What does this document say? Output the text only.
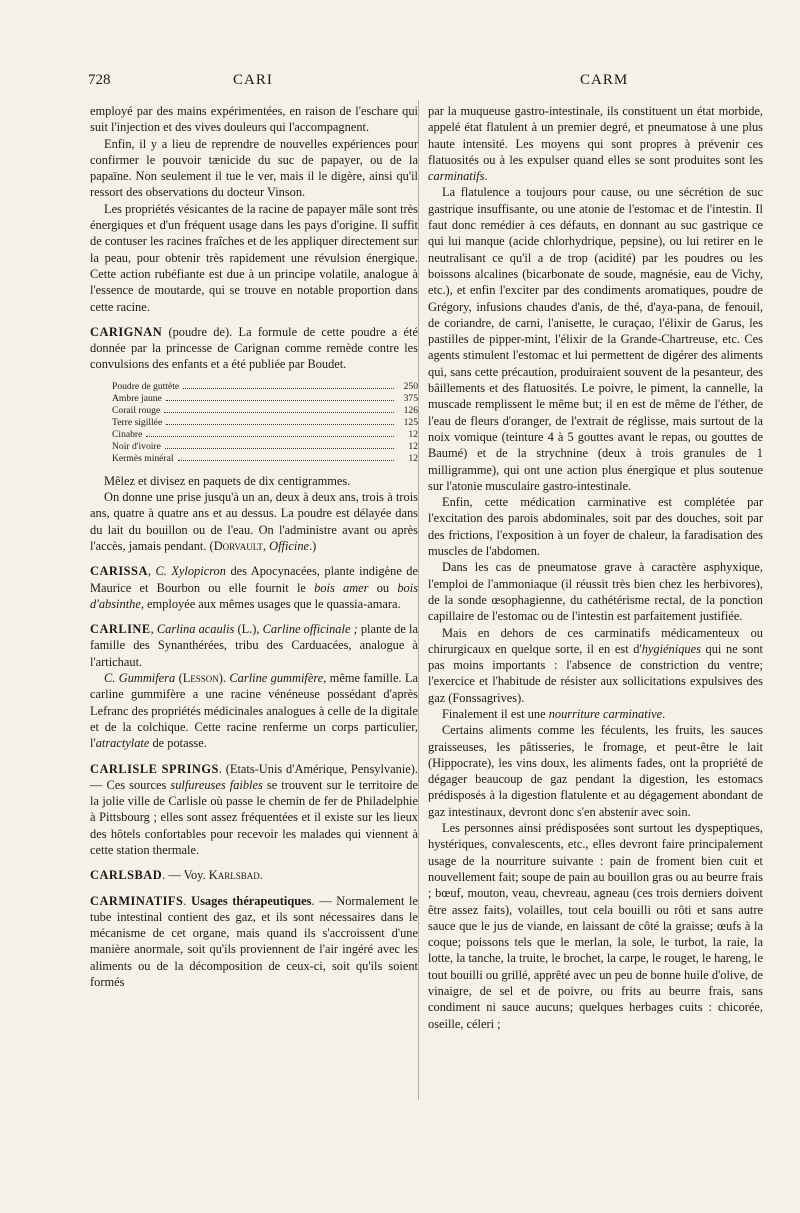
728	CARI	CARM

employé par des mains expérimentées, en raison de l'eschare qui suit l'injection et des vives douleurs qui l'accompagnent.

Enfin, il y a lieu de reprendre de nouvelles expériences pour confirmer le pouvoir tænicide du suc de papayer, ou de la papaïne. Non seulement il tue le ver, mais il le digère, ainsi qu'il ressort des observations du docteur Vinson.

Les propriétés vésicantes de la racine de papayer mâle sont très énergiques et d'un fréquent usage dans les pays d'origine. Il suffit de contuser les racines fraîches et de les appliquer directement sur la peau, pour obtenir très rapidement une révulsion énergique. Cette action rubéfiante est due à un principe volatile, analogue à l'essence de moutarde, qui se trouve en notable proportion dans cette racine.

CARIGNAN (poudre de). La formule de cette poudre a été donnée par la princesse de Carignan comme remède contre les convulsions des enfants et a été publiée par Boudet.

Poudre de guttète	250
Ambre jaune	375
Corail rouge	126
Terre sigillée	125
Cinabre	12
Noir d'ivoire	12
Kermès minéral	12

Mêlez et divisez en paquets de dix centigrammes.

On donne une prise jusqu'à un an, deux à deux ans, trois à trois ans, quatre à quatre ans et au dessus. La poudre est délayée dans du lait du bouillon ou de l'eau. On l'administre avant ou après l'accès, jamais pendant. (Dorvault, Officine.)

CARISSA, C. Xylopicron des Apocynacées, plante indigène de Maurice et Bourbon ou elle fournit le bois amer ou bois d'absinthe, employée aux mêmes usages que le quassia-amara.

CARLINE, Carlina acaulis (L.), Carline officinale ; plante de la famille des Synanthérées, tribu des Carduacées, analogue à l'artichaut.

C. Gummifera (Lesson). Carline gummifère, même famille. La carline gummifère a une racine vénéneuse possédant d'après Lefranc des propriétés médicinales analogues à celle de la digitale et de la colchique. Cette racine renferme un corps particulier, l'atractylate de potasse.

CARLISLE SPRINGS. (Etats-Unis d'Amérique, Pensylvanie). — Ces sources sulfureuses faibles se trouvent sur le territoire de la jolie ville de Carlisle où passe le chemin de fer de Philadelphie à Pittsbourg ; elles sont assez fréquentées et il existe sur les lieux des hôtels confortables pour recevoir les malades qui viennent à cette station thermale.

CARLSBAD. — Voy. Karlsbad.

CARMINATIFS. Usages thérapeutiques. — Normalement le tube intestinal contient des gaz, et ils sont nécessaires dans le mécanisme de cet organe, mais quand ils s'accroissent d'une manière anormale, soit qu'ils proviennent de l'air ingéré avec les aliments ou de la décomposition de ceux-ci, soit qu'ils soient formés

par la muqueuse gastro-intestinale, ils constituent un état morbide, appelé état flatulent à un premier degré, et pneumatose à une plus haute intensité. Les moyens qui sont propres à prévenir ces flatuosités ou à les expulser quand elles se sont produites sont les carminatifs.

La flatulence a toujours pour cause, ou une sécrétion de suc gastrique insuffisante, ou une atonie de l'estomac et de l'intestin. Il faut donc remédier à ces défauts, en donnant au suc gastrique ce qui lui manque (acide chlorhydrique, pepsine), ou lui retirer en le neutralisant ce qu'il a de trop (acidité) par les poudres ou les boissons alcalines (bicarbonate de soude, magnésie, eau de Vichy, etc.), et enfin l'exciter par des condiments aromatiques, poudre de Grégory, infusions chaudes d'anis, de thé, d'aya-pana, de fenouil, de coriandre, de carni, l'anisette, le curaçao, l'élixir de Garus, les pastilles de pipper-mint, l'élixir de la Grande-Chartreuse, etc. Ces agents stimulent l'estomac et lui permettent de digérer des aliments qui, sans cette précaution, produiraient souvent de la pesanteur, des bâillements et des flatuosités. Le poivre, le piment, la cannelle, la muscade remplissent le même but; il en est de même de l'éther, de l'eau de fleurs d'oranger, de l'extrait de réglisse, mais surtout de la noix vomique (teinture 4 à 5 gouttes avant le repas, ou gouttes de Baumé) et de la strychnine (deux à trois granules de 1 milligramme), qui ont une action plus énergique et plus soutenue sur l'atonie musculaire gastro-intestinale.

Enfin, cette médication carminative est complétée par l'excitation des parois abdominales, soit par des douches, soit par des frictions, l'exposition à un foyer de chaleur, la faradisation des muscles de l'abdomen.

Dans les cas de pneumatose grave à caractère asphyxique, l'emploi de l'ammoniaque (il réussit très bien chez les herbivores), de la sonde œsophagienne, du cathétérisme rectal, de la ponction capillaire de l'estomac ou de l'intestin est parfaitement justifiée.

Mais en dehors de ces carminatifs médicamenteux ou chirurgicaux en quelque sorte, il en est d'hygiéniques qui ne sont pas moins importants : l'absence de constriction du ventre; l'exercice et l'habitude de résister aux sollicitations expulsives des gaz (Fonssagrives).

Finalement il est une nourriture carminative.

Certains aliments comme les féculents, les fruits, les sauces graisseuses, les pâtisseries, le fromage, et peut-être le lait (Hippocrate), les vins doux, les aliments fades, ont la propriété de dégager beaucoup de gaz pendant la digestion, les estomacs prédisposés à la digestion flatulente et au dégagement abondant de gaz intestinaux, devront donc s'en abstenir avec soin.

Les personnes ainsi prédisposées sont surtout les dyspeptiques, hystériques, convalescents, etc., elles devront faire principalement usage de la nourriture suivante : pain de froment bien cuit et nouvellement fait; soupe de pain au bouillon gras ou au beurre frais ; bœuf, mouton, veau, chevreau, agneau (ces trois derniers doivent être assez faits), volailles, tout cela bouilli ou rôti et sans autre sauce que le jus de viande, en laissant de côté la graisse; œufs à la coque; poissons tels que le merlan, la sole, le turbot, la raie, la lotte, la tanche, la truite, le brochet, la carpe, le rouget, le hareng, le tout bouilli ou grillé, apprêté avec un peu de bonne huile d'olive, de vinaigre, de sel et de poivre, ou frits au beurre frais, sans condiment ni sauce aucuns; quelques herbages cuits : chicorée, oseille, céleri ;
